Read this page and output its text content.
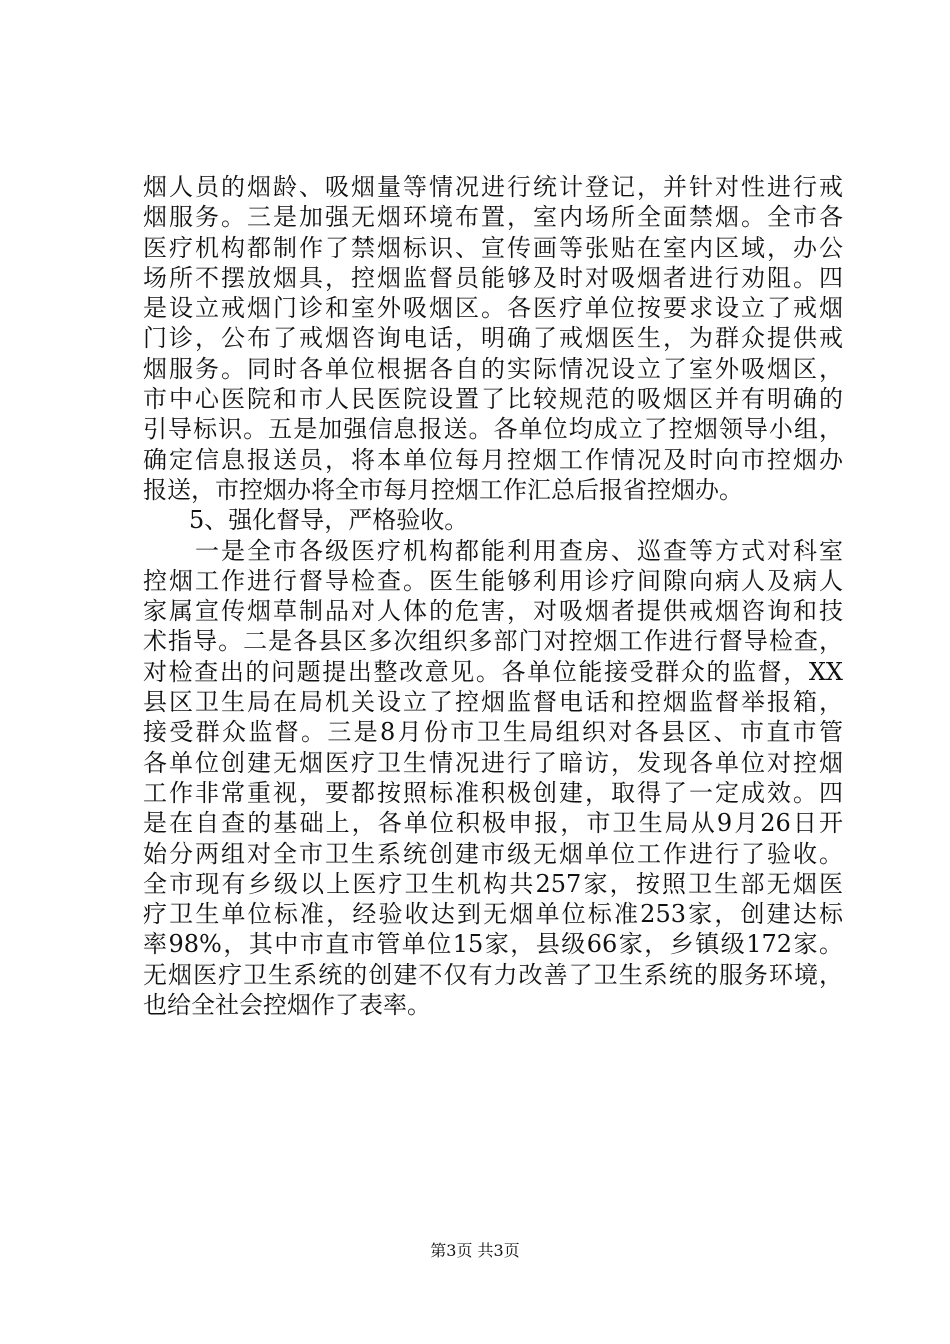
烟人员的烟龄、吸烟量等情况进行统计登记，并针对性进行戒
烟服务。三是加强无烟环境布置，室内场所全面禁烟。全市各
医疗机构都制作了禁烟标识、宣传画等张贴在室内区域，办公
场所不摆放烟具，控烟监督员能够及时对吸烟者进行劝阻。四
是设立戒烟门诊和室外吸烟区。各医疗单位按要求设立了戒烟
门诊，公布了戒烟咨询电话，明确了戒烟医生，为群众提供戒
烟服务。同时各单位根据各自的实际情况设立了室外吸烟区，
市中心医院和市人民医院设置了比较规范的吸烟区并有明确的
引导标识。五是加强信息报送。各单位均成立了控烟领导小组，
确定信息报送员，将本单位每月控烟工作情况及时向市控烟办
报送，市控烟办将全市每月控烟工作汇总后报省控烟办。
5、强化督导，严格验收。
一是全市各级医疗机构都能利用查房、巡查等方式对科室
控烟工作进行督导检查。医生能够利用诊疗间隙向病人及病人
家属宣传烟草制品对人体的危害，对吸烟者提供戒烟咨询和技
术指导。二是各县区多次组织多部门对控烟工作进行督导检查，
对检查出的问题提出整改意见。各单位能接受群众的监督，XX
县区卫生局在局机关设立了控烟监督电话和控烟监督举报箱，
接受群众监督。三是8月份市卫生局组织对各县区、市直市管
各单位创建无烟医疗卫生情况进行了暗访，发现各单位对控烟
工作非常重视，要都按照标准积极创建，取得了一定成效。四
是在自查的基础上，各单位积极申报，市卫生局从9月26日开
始分两组对全市卫生系统创建市级无烟单位工作进行了验收。
全市现有乡级以上医疗卫生机构共257家，按照卫生部无烟医
疗卫生单位标准，经验收达到无烟单位标准253家，创建达标
率98%，其中市直市管单位15家，县级66家，乡镇级172家。
无烟医疗卫生系统的创建不仅有力改善了卫生系统的服务环境，
也给全社会控烟作了表率。
第3页 共3页
